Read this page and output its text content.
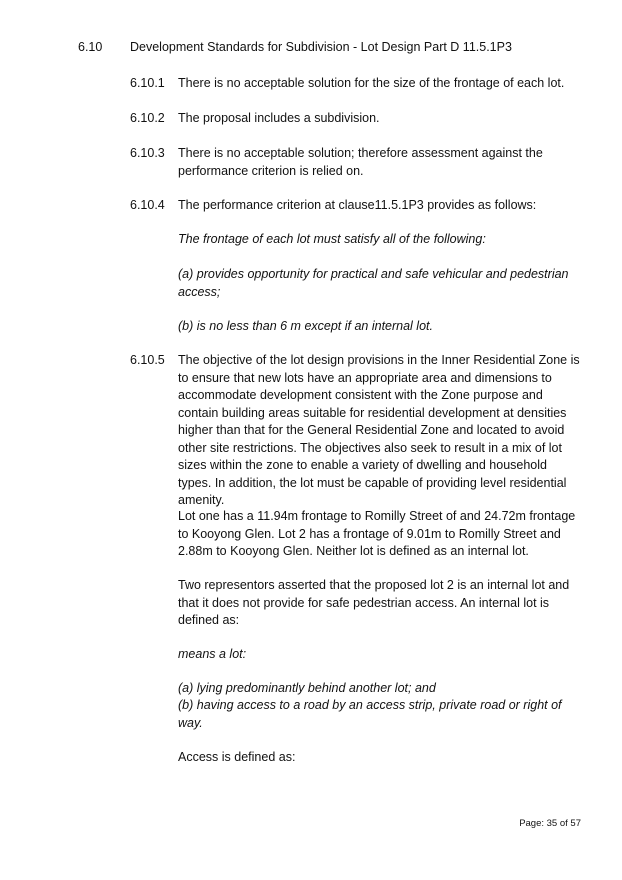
6.10 Development Standards for Subdivision - Lot Design Part D 11.5.1P3
6.10.1 There is no acceptable solution for the size of the frontage of each lot.
6.10.2 The proposal includes a subdivision.
6.10.3 There is no acceptable solution; therefore assessment against the performance criterion is relied on.
6.10.4 The performance criterion at clause11.5.1P3 provides as follows:
The frontage of each lot must satisfy all of the following:
(a) provides opportunity for practical and safe vehicular and pedestrian access;
(b) is no less than 6 m except if an internal lot.
6.10.5 The objective of the lot design provisions in the Inner Residential Zone is to ensure that new lots have an appropriate area and dimensions to accommodate development consistent with the Zone purpose and contain building areas suitable for residential development at densities higher than that for the General Residential Zone and located to avoid other site restrictions. The objectives also seek to result in a mix of lot sizes within the zone to enable a variety of dwelling and household types. In addition, the lot must be capable of providing level residential amenity.
Lot one has a 11.94m frontage to Romilly Street of and 24.72m frontage to Kooyong Glen. Lot 2 has a frontage of 9.01m to Romilly Street and 2.88m to Kooyong Glen. Neither lot is defined as an internal lot.
Two representors asserted that the proposed lot 2 is an internal lot and that it does not provide for safe pedestrian access. An internal lot is defined as:
means a lot:
(a) lying predominantly behind another lot; and
(b) having access to a road by an access strip, private road or right of way.
Access is defined as:
Page: 35 of 57
